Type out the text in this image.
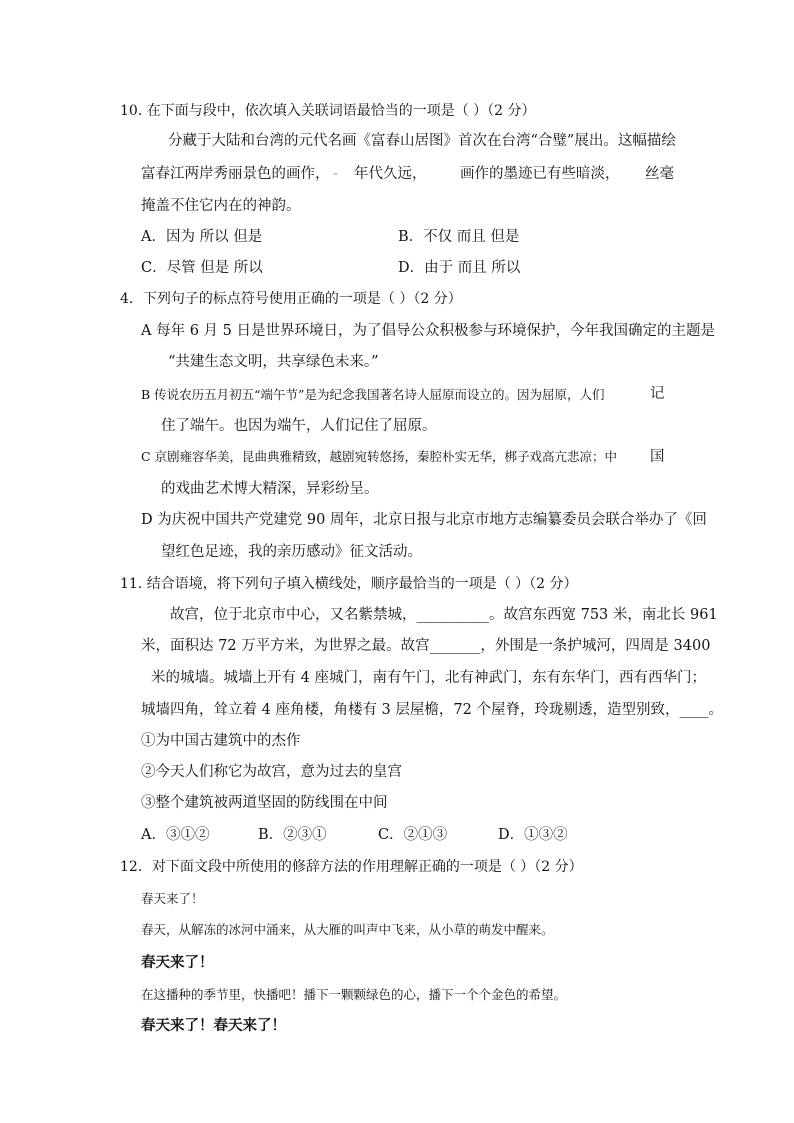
10. 在下面与段中，依次填入关联词语最恰当的一项是（ ）（2 分）
分藏于大陆和台湾的元代名画《富春山居图》首次在台湾“合璧”展出。这幅描绘
富春江两岸秀丽景色的画作， - 年代久远， 画作的墨迹已有些暗淡， 丝毫
掩盖不住它内在的神韵。
A．因为 所以 但是	B．不仅 而且 但是
C．尽管 但是 所以	D．由于 而且 所以
4．下列句子的标点符号使用正确的一项是（ ）（2 分）
A 每年 6 月 5 日是世界环境日，为了倡导公众积极参与环境保护，今年我国确定的主题是
“共建生态文明，共享绿色未来。”
B 传说农历五月初五“端午节”是为纪念我国著名诗人屈原而设立的。因为屈原，人们	记
住了端午。也因为端午，人们记住了屈原。
C 京剧雍容华美，昆曲典雅精致，越剧宛转悠扬，秦腔朴实无华，梆子戏高亢悲凉；中 国
的戏曲艺术博大精深，异彩纷呈。
D 为庆祝中国共产党建党 90 周年，北京日报与北京市地方志编纂委员会联合举办了《回
望红色足迹，我的亲历感动》征文活动。
11. 结合语境，将下列句子填入横线处，顺序最恰当的一项是（ ）（2 分）
故宫，位于北京市中心，又名紫禁城，__________。故宫东西宽 753 米，南北长 961
米，面积达 72 万平方米，为世界之最。故宫_______，外围是一条护城河，四周是 3400
米的城墙。城墙上开有 4 座城门，南有午门，北有神武门，东有东华门，西有西华门；
城墙四角，耸立着 4 座角楼，角楼有 3 层屋檐，72 个屋脊，玲珑剔透，造型别致，____。
①为中国古建筑中的杰作
②今天人们称它为故宫，意为过去的皇宫
③整个建筑被两道坚固的防线围在中间
A．③①②	B．②③①	C．②①③	D．①③②
12．对下面文段中所使用的修辞方法的作用理解正确的一项是（ ）（2 分）
春天来了！
春天，从解冻的冰河中涌来，从大雁的叫声中飞来，从小草的萌发中醒来。
春天来了！
在这播种的季节里，快播吧！播下一颗颗绿色的心，播下一个个金色的希望。
春天来了！春天来了！
